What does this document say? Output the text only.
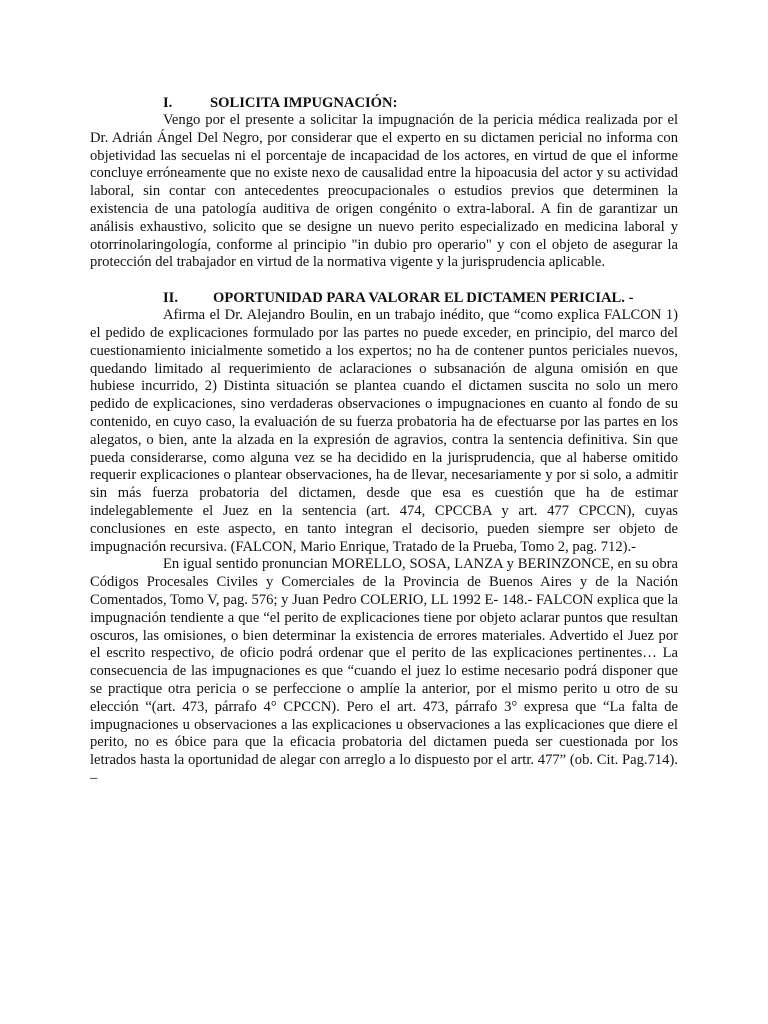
I.	SOLICITA IMPUGNACIÓN:

Vengo por el presente a solicitar la impugnación de la pericia médica realizada por el Dr. Adrián Ángel Del Negro, por considerar que el experto en su dictamen pericial no informa con objetividad las secuelas ni el porcentaje de incapacidad de los actores, en virtud de que el informe concluye erróneamente que no existe nexo de causalidad entre la hipoacusia del actor y su actividad laboral, sin contar con antecedentes preocupacionales o estudios previos que determinen la existencia de una patología auditiva de origen congénito o extra-laboral. A fin de garantizar un análisis exhaustivo, solicito que se designe un nuevo perito especializado en medicina laboral y otorrinolaringología, conforme al principio "in dubio pro operario" y con el objeto de asegurar la protección del trabajador en virtud de la normativa vigente y la jurisprudencia aplicable.

II. OPORTUNIDAD PARA VALORAR EL DICTAMEN PERICIAL. -

Afirma el Dr. Alejandro Boulin, en un trabajo inédito, que “como explica FALCON 1) el pedido de explicaciones formulado por las partes no puede exceder, en principio, del marco del cuestionamiento inicialmente sometido a los expertos; no ha de contener puntos periciales nuevos, quedando limitado al requerimiento de aclaraciones o subsanación de alguna omisión en que hubiese incurrido, 2) Distinta situación se plantea cuando el dictamen suscita no solo un mero pedido de explicaciones, sino verdaderas observaciones o impugnaciones en cuanto al fondo de su contenido, en cuyo caso, la evaluación de su fuerza probatoria ha de efectuarse por las partes en los alegatos, o bien, ante la alzada en la expresión de agravios, contra la sentencia definitiva. Sin que pueda considerarse, como alguna vez se ha decidido en la jurisprudencia, que al haberse omitido requerir explicaciones o plantear observaciones, ha de llevar, necesariamente y por si solo, a admitir sin más fuerza probatoria del dictamen, desde que esa es cuestión que ha de estimar indelegablemente el Juez en la sentencia (art. 474, CPCCBA y art. 477 CPCCN), cuyas conclusiones en este aspecto, en tanto integran el decisorio, pueden siempre ser objeto de impugnación recursiva. (FALCON, Mario Enrique, Tratado de la Prueba, Tomo 2, pag. 712).-

En igual sentido pronuncian MORELLO, SOSA, LANZA y BERINZONCE, en su obra Códigos Procesales Civiles y Comerciales de la Provincia de Buenos Aires y de la Nación Comentados, Tomo V, pag. 576; y Juan Pedro COLERIO, LL 1992 E- 148.- FALCON explica que la impugnación tendiente a que “el perito de explicaciones tiene por objeto aclarar puntos que resultan oscuros, las omisiones, o bien determinar la existencia de errores materiales. Advertido el Juez por el escrito respectivo, de oficio podrá ordenar que el perito de las explicaciones pertinentes… La consecuencia de las impugnaciones es que “cuando el juez lo estime necesario podrá disponer que se practique otra pericia o se perfeccione o amplíe la anterior, por el mismo perito u otro de su elección “(art. 473, párrafo 4° CPCCN). Pero el art. 473, párrafo 3° expresa que “La falta de impugnaciones u observaciones a las explicaciones u observaciones a las explicaciones que diere el perito, no es óbice para que la eficacia probatoria del dictamen pueda ser cuestionada por los letrados hasta la oportunidad de alegar con arreglo a lo dispuesto por el artr. 477” (ob. Cit. Pag.714). –
